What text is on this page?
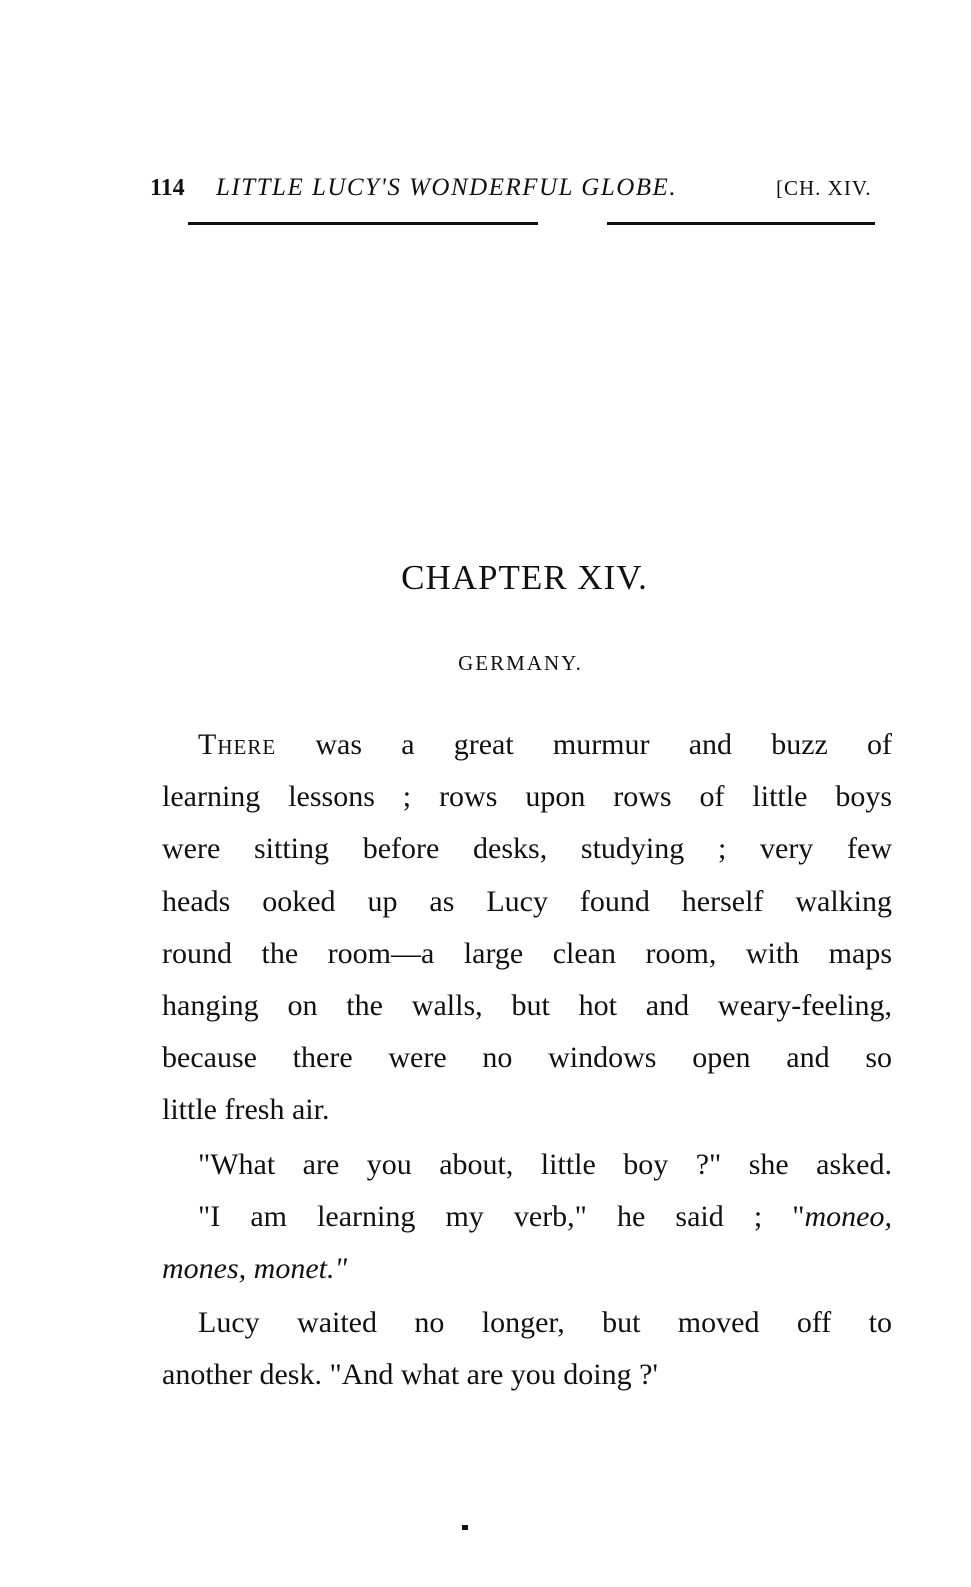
114 LITTLE LUCY'S WONDERFUL GLOBE.	[CH. XIV.
CHAPTER XIV.
GERMANY.
There was a great murmur and buzz of
learning lessons ; rows upon rows of little boys
were sitting before desks, studying ; very few
heads ooked up as Lucy found herself walking
round the room—a large clean room, with maps
hanging on the walls, but hot and weary-feeling,
because there were no windows open and so
little fresh air.
"What are you about, little boy ?" she asked.
"I am learning my verb," he said ; "moneo,
mones, monet."
Lucy waited no longer, but moved off to
another desk. "And what are you doing ?'
